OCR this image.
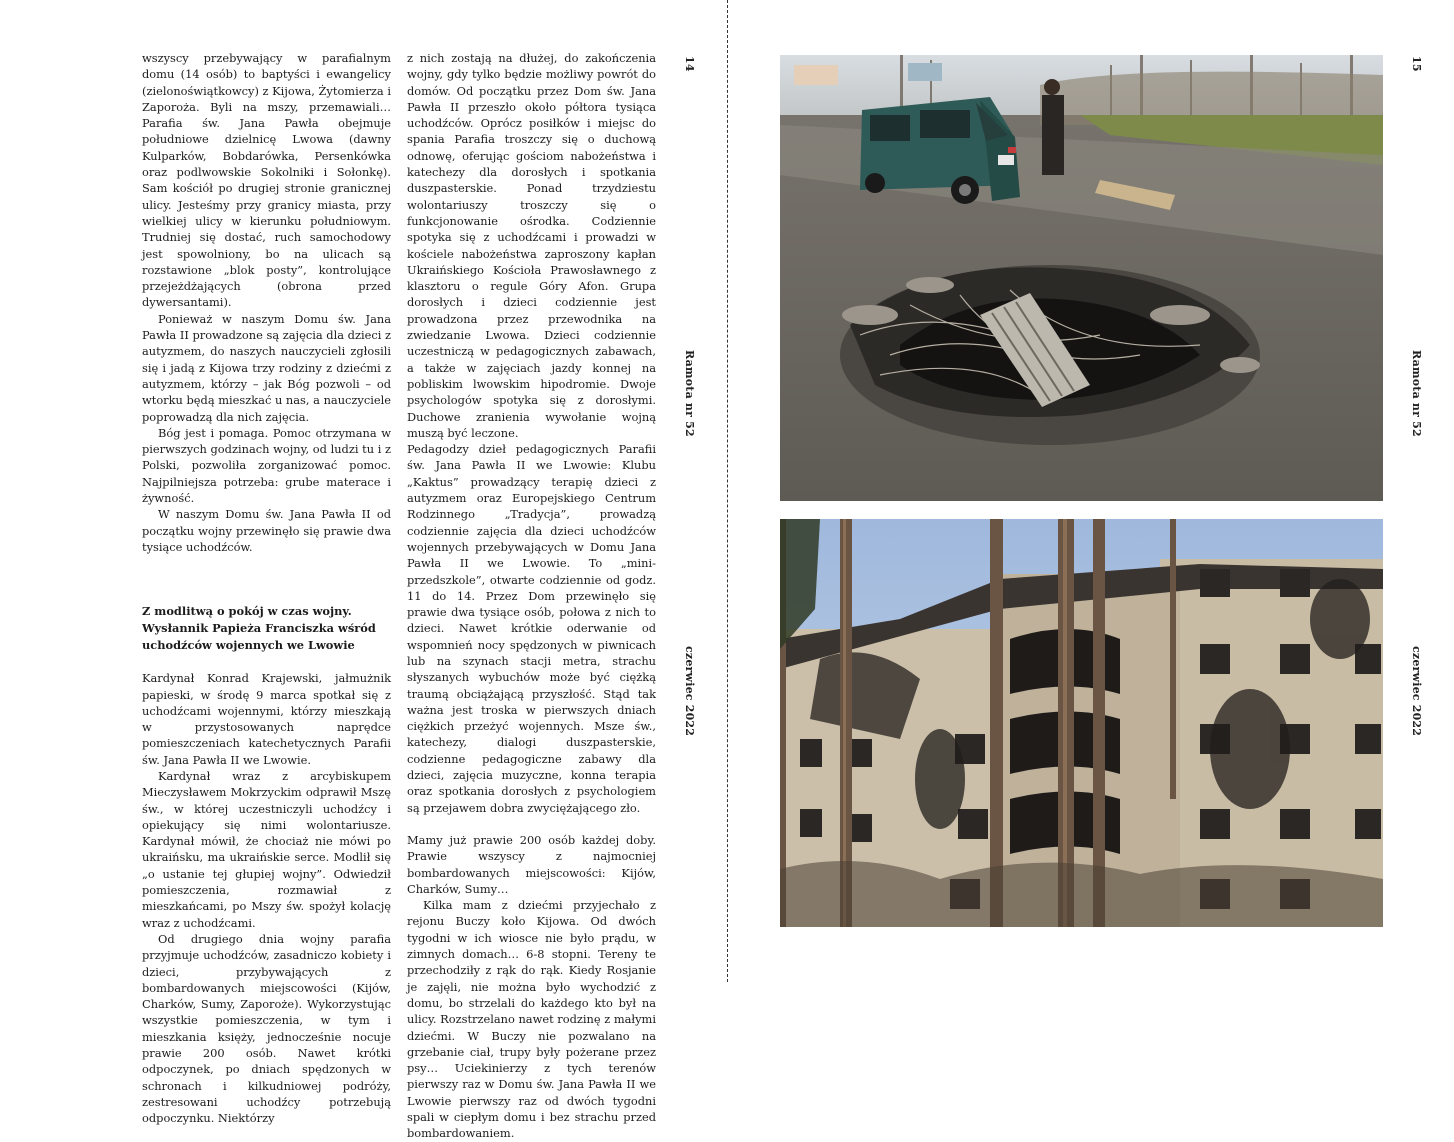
wszyscy przebywający w parafialnym domu (14 osób) to baptyści i ewangelicy (zielonoświątkowcy) z Kijowa, Żytomierza i Zaporoża. Byli na mszy, przemawiali… Parafia św. Jana Pawła obejmuje południowe dzielnicę Lwowa (dawny Kulparków, Bobdarówka, Persenkówka oraz podlwowskie Sokolniki i Sołonkę). Sam kościół po drugiej stronie granicznej ulicy. Jesteśmy przy granicy miasta, przy wielkiej ulicy w kierunku południowym. Trudniej się dostać, ruch samochodowy jest spowolniony, bo na ulicach są rozstawione „blok posty”, kontrolujące przejeżdżających (obrona przed dywersantami).

Ponieważ w naszym Domu św. Jana Pawła II prowadzone są zajęcia dla dzieci z autyzmem, do naszych nauczycieli zgłosili się i jadą z Kijowa trzy rodziny z dziećmi z autyzmem, którzy – jak Bóg pozwoli – od wtorku będą mieszkać u nas, a nauczyciele poprowadzą dla nich zajęcia.

Bóg jest i pomaga. Pomoc otrzymana w pierwszych godzinach wojny, od ludzi tu i z Polski, pozwoliła zorganizować pomoc. Najpilniejsza potrzeba: grube materace i żywność.

W naszym Domu św. Jana Pawła II od początku wojny przewinęło się prawie dwa tysiące uchodźców.

Z modlitwą o pokój w czas wojny. Wysłannik Papieża Franciszka wśród uchodźców wojennych we Lwowie

Kardynał Konrad Krajewski, jałmużnik papieski, w środę 9 marca spotkał się z uchodźcami wojennymi, którzy mieszkają w przystosowanych naprędce pomieszczeniach katechetycznych Parafii św. Jana Pawła II we Lwowie.

Kardynał wraz z arcybiskupem Mieczysławem Mokrzyckim odprawił Mszę św., w której uczestniczyli uchodźcy i opiekujący się nimi wolontariusze. Kardynał mówił, że chociaż nie mówi po ukraińsku, ma ukraińskie serce. Modlił się „o ustanie tej głupiej wojny”. Odwiedził pomieszczenia, rozmawiał z mieszkańcami, po Mszy św. spożył kolację wraz z uchodźcami.

Od drugiego dnia wojny parafia przyjmuje uchodźców, zasadniczo kobiety i dzieci, przybywających z bombardowanych miejscowości (Kijów, Charków, Sumy, Zaporoże). Wykorzystując wszystkie pomieszczenia, w tym i mieszkania księży, jednocześnie nocuje prawie 200 osób. Nawet krótki odpoczynek, po dniach spędzonych w schronach i kilkudniowej podróży, zestresowani uchodźcy potrzebują odpoczynku. Niektórzy

z nich zostają na dłużej, do zakończenia wojny, gdy tylko będzie możliwy powrót do domów. Od początku przez Dom św. Jana Pawła II przeszło około półtora tysiąca uchodźców. Oprócz posiłków i miejsc do spania Parafia troszczy się o duchową odnowę, oferując gościom nabożeństwa i katechezy dla dorosłych i spotkania duszpasterskie. Ponad trzydziestu wolontariuszy troszczy się o funkcjonowanie ośrodka. Codziennie spotyka się z uchodźcami i prowadzi w kościele nabożeństwa zaproszony kapłan Ukraińskiego Kościoła Prawosławnego z klasztoru o regule Góry Afon. Grupa dorosłych i dzieci codziennie jest prowadzona przez przewodnika na zwiedzanie Lwowa. Dzieci codziennie uczestniczą w pedagogicznych zabawach, a także w zajęciach jazdy konnej na pobliskim lwowskim hipodromie. Dwoje psychologów spotyka się z dorosłymi. Duchowe zranienia wywołanie wojną muszą być leczone.

Pedagodzy dzieł pedagogicznych Parafii św. Jana Pawła II we Lwowie: Klubu „Kaktus” prowadzący terapię dzieci z autyzmem oraz Europejskiego Centrum Rodzinnego „Tradycja”, prowadzą codziennie zajęcia dla dzieci uchodźców wojennych przebywających w Domu Jana Pawła II we Lwowie. To „mini-przedszkole”, otwarte codziennie od godz. 11 do 14. Przez Dom przewinęło się prawie dwa tysiące osób, połowa z nich to dzieci. Nawet krótkie oderwanie od wspomnień nocy spędzonych w piwnicach lub na szynach stacji metra, strachu słyszanych wybuchów może być ciężką traumą obciążającą przyszłość. Stąd tak ważna jest troska w pierwszych dniach ciężkich przeżyć wojennych. Msze św., katechezy, dialogi duszpasterskie, codzienne pedagogiczne zabawy dla dzieci, zajęcia muzyczne, konna terapia oraz spotkania dorosłych z psychologiem są przejawem dobra zwyciężającego zło.

Mamy już prawie 200 osób każdej doby. Prawie wszyscy z najmocniej bombardowanych miejscowości: Kijów, Charków, Sumy…

Kilka mam z dziećmi przyjechało z rejonu Buczy koło Kijowa. Od dwóch tygodni w ich wiosce nie było prądu, w zimnych domach… 6-8 stopni. Tereny te przechodziły z rąk do rąk. Kiedy Rosjanie je zajęli, nie można było wychodzić z domu, bo strzelali do każdego kto był na ulicy. Rozstrzelano nawet rodzinę z małymi dziećmi. W Buczy nie pozwalano na grzebanie ciał, trupy były pożerane przez psy… Uciekinierzy z tych terenów pierwszy raz w Domu św. Jana Pawła II we Lwowie pierwszy raz od dwóch tygodni spali w ciepłym domu i bez strachu przed bombardowaniem.

14
Ramota nr 52
czerwiec 2022
15
Ramota nr 52
czerwiec 2022
